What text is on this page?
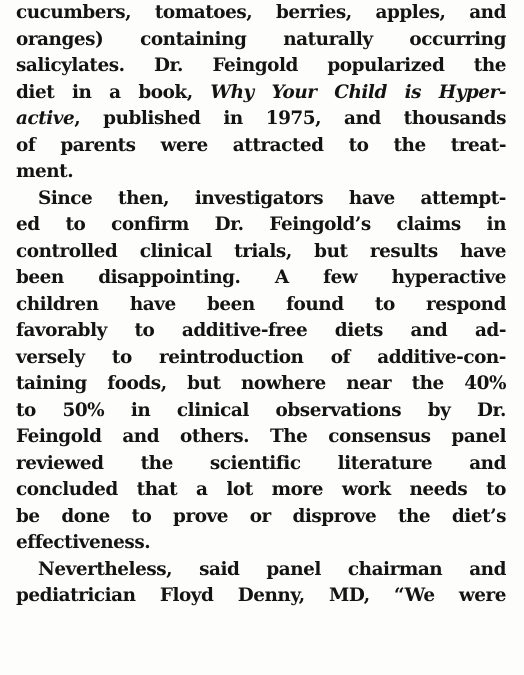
cucumbers, tomatoes, berries, apples, and
oranges) containing naturally occurring
salicylates. Dr. Feingold popularized the
diet in a book, Why Your Child is Hyper-
active, published in 1975, and thousands
of parents were attracted to the treat-
ment.
Since then, investigators have attempt-
ed to confirm Dr. Feingold’s claims in
controlled clinical trials, but results have
been disappointing. A few hyperactive
children have been found to respond
favorably to additive-free diets and ad-
versely to reintroduction of additive-con-
taining foods, but nowhere near the 40%
to 50% in clinical observations by Dr.
Feingold and others. The consensus panel
reviewed the scientific literature and
concluded that a lot more work needs to
be done to prove or disprove the diet’s
effectiveness.
Nevertheless, said panel chairman and
pediatrician Floyd Denny, MD, “We were
